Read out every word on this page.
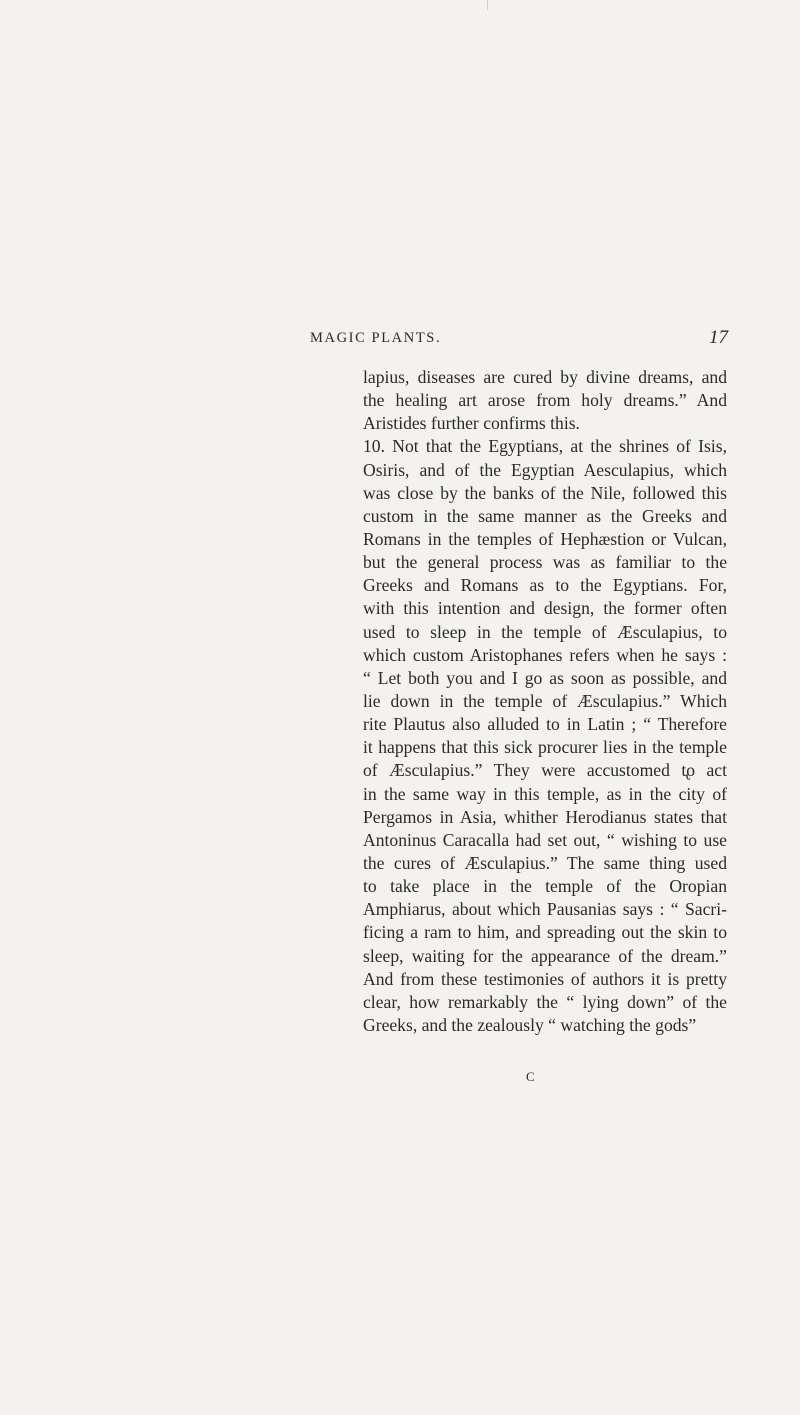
MAGIC PLANTS.	17
lapius, diseases are cured by divine dreams, and
the healing art arose from holy dreams.” And
Aristides further confirms this.
10. Not that the Egyptians, at the shrines of Isis,
Osiris, and of the Egyptian Aesculapius, which
was close by the banks of the Nile, followed this
custom in the same manner as the Greeks and
Romans in the temples of Hephæstion or Vulcan,
but the general process was as familiar to the
Greeks and Romans as to the Egyptians. For,
with this intention and design, the former often
used to sleep in the temple of Æsculapius, to
which custom Aristophanes refers when he says :
“ Let both you and I go as soon as possible, and
lie down in the temple of Æsculapius.” Which
rite Plautus also alluded to in Latin ; “ Therefore
it happens that this sick procurer lies in the temple
of Æsculapius.” They were accustomed t̢o act
in the same way in this temple, as in the city of
Pergamos in Asia, whither Herodianus states that
Antoninus Caracalla had set out, “ wishing to use
the cures of Æsculapius.” The same thing used
to take place in the temple of the Oropian
Amphiarus, about which Pausanias says : “ Sacri-
ficing a ram to him, and spreading out the skin to
sleep, waiting for the appearance of the dream.”
And from these testimonies of authors it is pretty
clear, how remarkably the “ lying down” of the
Greeks, and the zealously “ watching the gods”
C
